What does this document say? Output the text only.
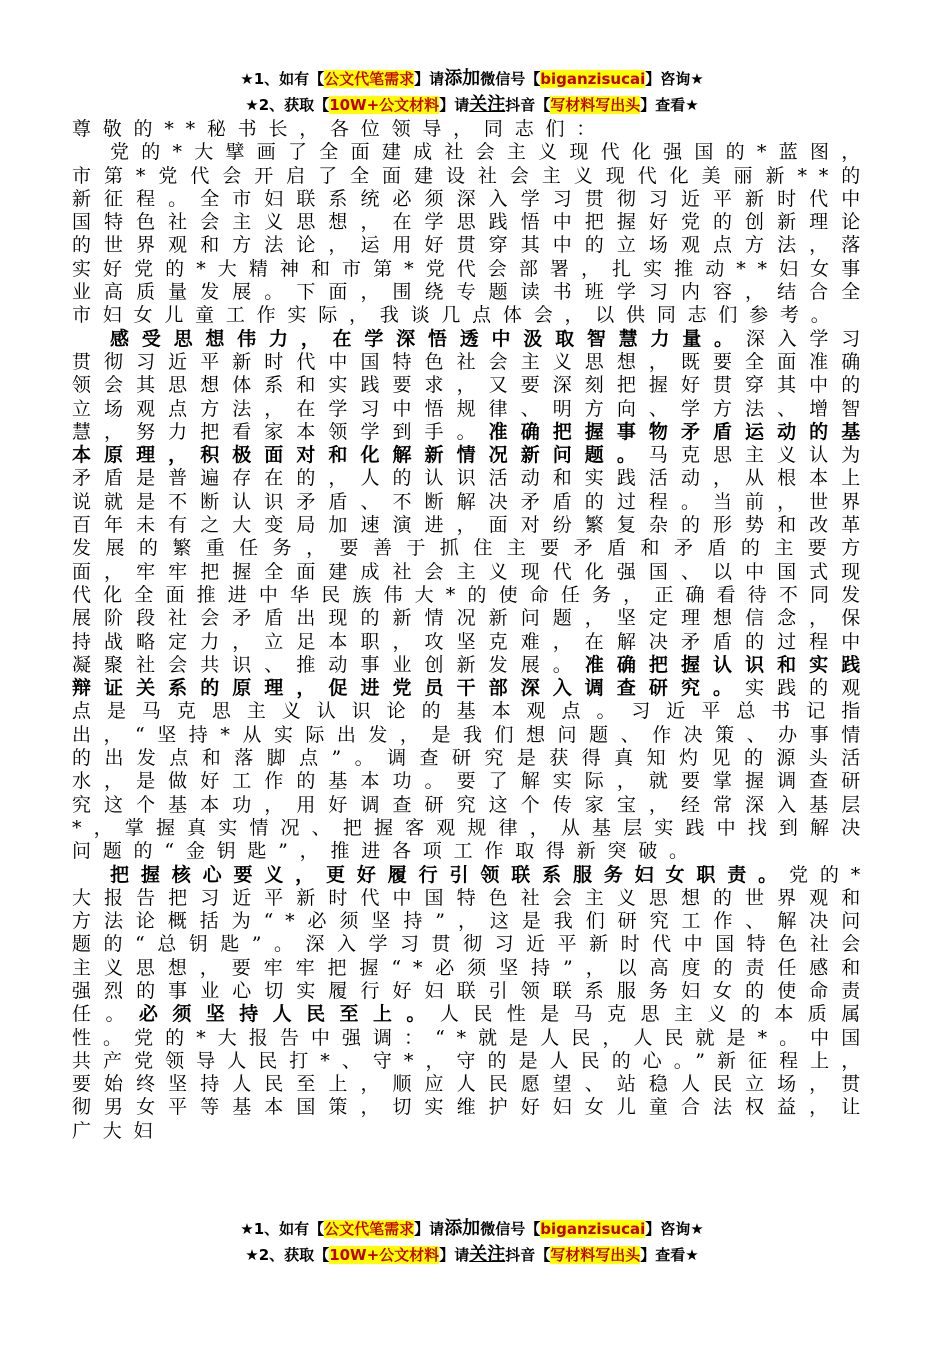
★1、如有【公文代笔需求】请添加微信号【biganzisucai】咨询★
★2、获取【10W+公文材料】请关注抖音【写材料写出头】查看★

尊敬的**秘书长，各位领导，同志们：

党的*大擘画了全面建成社会主义现代化强国的*蓝图，市第*党代会开启了全面建设社会主义现代化美丽新**的新征程。全市妇联系统必须深入学习贯彻习近平新时代中国特色社会主义思想，在学思践悟中把握好党的创新理论的世界观和方法论，运用好贯穿其中的立场观点方法，落实好党的*大精神和市第*党代会部署，扎实推动**妇女事业高质量发展。下面，围绕专题读书班学习内容，结合全市妇女儿童工作实际，我谈几点体会，以供同志们参考。

感受思想伟力，在学深悟透中汲取智慧力量。深入学习贯彻习近平新时代中国特色社会主义思想，既要全面准确领会其思想体系和实践要求，又要深刻把握好贯穿其中的立场观点方法，在学习中悟规律、明方向、学方法、增智慧，努力把看家本领学到手。准确把握事物矛盾运动的基本原理，积极面对和化解新情况新问题。马克思主义认为矛盾是普遍存在的，人的认识活动和实践活动，从根本上说就是不断认识矛盾、不断解决矛盾的过程。当前，世界百年未有之大变局加速演进，面对纷繁复杂的形势和改革发展的繁重任务，要善于抓住主要矛盾和矛盾的主要方面，牢牢把握全面建成社会主义现代化强国、以中国式现代化全面推进中华民族伟大*的使命任务，正确看待不同发展阶段社会矛盾出现的新情况新问题，坚定理想信念，保持战略定力，立足本职，攻坚克难，在解决矛盾的过程中凝聚社会共识、推动事业创新发展。准确把握认识和实践辩证关系的原理，促进党员干部深入调查研究。实践的观点是马克思主义认识论的基本观点。习近平总书记指出，“坚持*从实际出发，是我们想问题、作决策、办事情的出发点和落脚点”。调查研究是获得真知灼见的源头活水，是做好工作的基本功。要了解实际，就要掌握调查研究这个基本功，用好调查研究这个传家宝，经常深入基层*，掌握真实情况、把握客观规律，从基层实践中找到解决问题的“金钥匙”，推进各项工作取得新突破。

把握核心要义，更好履行引领联系服务妇女职责。党的*大报告把习近平新时代中国特色社会主义思想的世界观和方法论概括为“*必须坚持”，这是我们研究工作、解决问题的“总钥匙”。深入学习贯彻习近平新时代中国特色社会主义思想，要牢牢把握“*必须坚持”，以高度的责任感和强烈的事业心切实履行好妇联引领联系服务妇女的使命责任。必须坚持人民至上。人民性是马克思主义的本质属性。党的*大报告中强调：“*就是人民，人民就是*。中国共产党领导人民打*、守*，守的是人民的心。”新征程上，要始终坚持人民至上，顺应人民愿望、站稳人民立场，贯彻男女平等基本国策，切实维护好妇女儿童合法权益，让广大妇

★1、如有【公文代笔需求】请添加微信号【biganzisucai】咨询★
★2、获取【10W+公文材料】请关注抖音【写材料写出头】查看★
